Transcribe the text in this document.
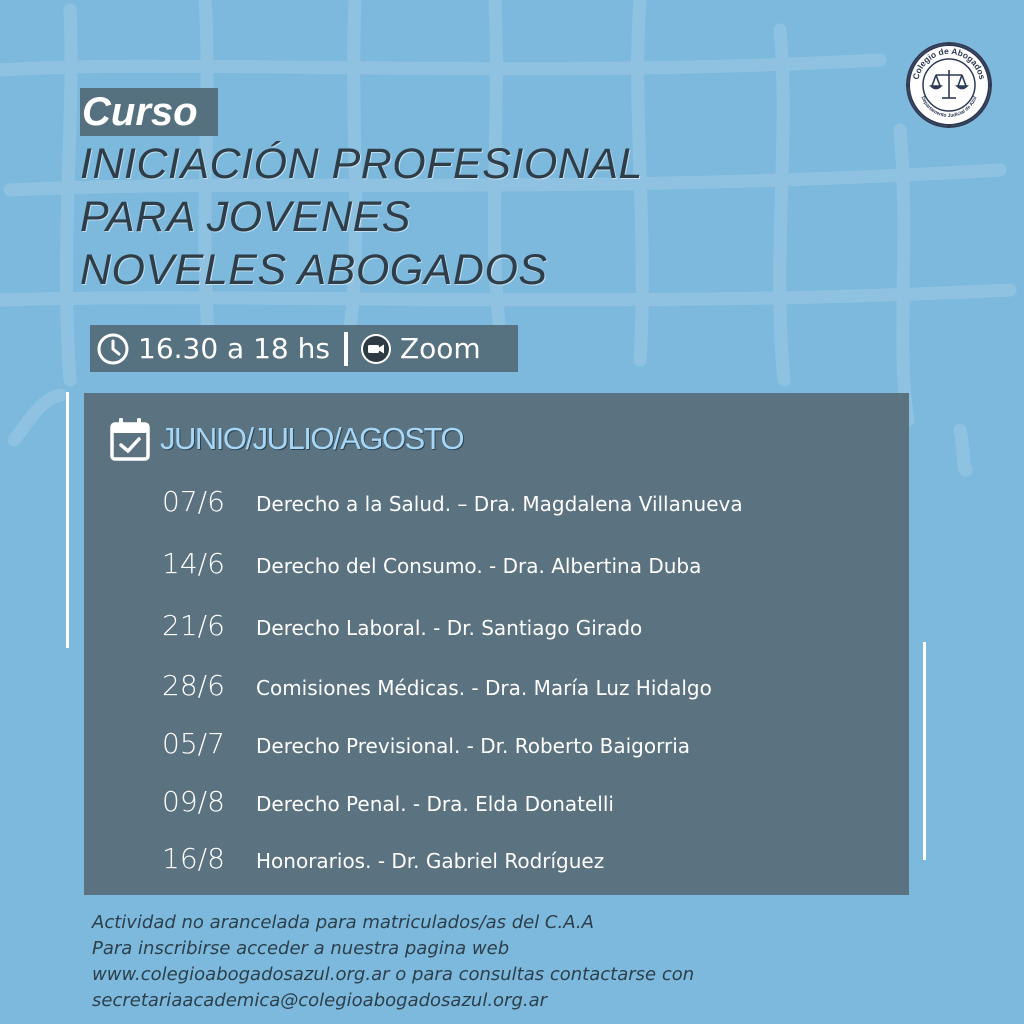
Colegio de Abogados
Departamento Judicial de Azul
Curso
INICIACIÓN PROFESIONAL
PARA JOVENES
NOVELES ABOGADOS
16.30 a 18 hs	Zoom
JUNIO/JULIO/AGOSTO
07/6	Derecho a la Salud. – Dra. Magdalena Villanueva
14/6	Derecho del Consumo. - Dra. Albertina Duba
21/6	Derecho Laboral. - Dr. Santiago Girado
28/6	Comisiones Médicas. - Dra. María Luz Hidalgo
05/7	Derecho Previsional. - Dr. Roberto Baigorria
09/8	Derecho Penal. - Dra. Elda Donatelli
16/8	Honorarios. - Dr. Gabriel Rodríguez
Actividad no arancelada para matriculados/as del C.A.A
Para inscribirse acceder a nuestra pagina web
www.colegioabogadosazul.org.ar o para consultas contactarse con
secretariaacademica@colegioabogadosazul.org.ar
